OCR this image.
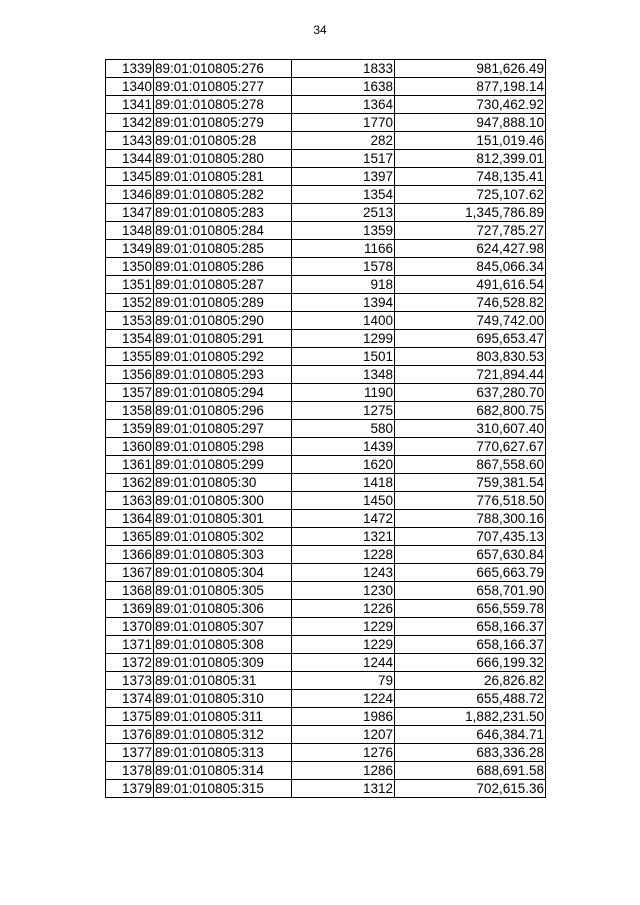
34
1339	89:01:010805:276	1833	981,626.49
1340	89:01:010805:277	1638	877,198.14
1341	89:01:010805:278	1364	730,462.92
1342	89:01:010805:279	1770	947,888.10
1343	89:01:010805:28	282	151,019.46
1344	89:01:010805:280	1517	812,399.01
1345	89:01:010805:281	1397	748,135.41
1346	89:01:010805:282	1354	725,107.62
1347	89:01:010805:283	2513	1,345,786.89
1348	89:01:010805:284	1359	727,785.27
1349	89:01:010805:285	1166	624,427.98
1350	89:01:010805:286	1578	845,066.34
1351	89:01:010805:287	918	491,616.54
1352	89:01:010805:289	1394	746,528.82
1353	89:01:010805:290	1400	749,742.00
1354	89:01:010805:291	1299	695,653.47
1355	89:01:010805:292	1501	803,830.53
1356	89:01:010805:293	1348	721,894.44
1357	89:01:010805:294	1190	637,280.70
1358	89:01:010805:296	1275	682,800.75
1359	89:01:010805:297	580	310,607.40
1360	89:01:010805:298	1439	770,627.67
1361	89:01:010805:299	1620	867,558.60
1362	89:01:010805:30	1418	759,381.54
1363	89:01:010805:300	1450	776,518.50
1364	89:01:010805:301	1472	788,300.16
1365	89:01:010805:302	1321	707,435.13
1366	89:01:010805:303	1228	657,630.84
1367	89:01:010805:304	1243	665,663.79
1368	89:01:010805:305	1230	658,701.90
1369	89:01:010805:306	1226	656,559.78
1370	89:01:010805:307	1229	658,166.37
1371	89:01:010805:308	1229	658,166.37
1372	89:01:010805:309	1244	666,199.32
1373	89:01:010805:31	79	26,826.82
1374	89:01:010805:310	1224	655,488.72
1375	89:01:010805:311	1986	1,882,231.50
1376	89:01:010805:312	1207	646,384.71
1377	89:01:010805:313	1276	683,336.28
1378	89:01:010805:314	1286	688,691.58
1379	89:01:010805:315	1312	702,615.36
